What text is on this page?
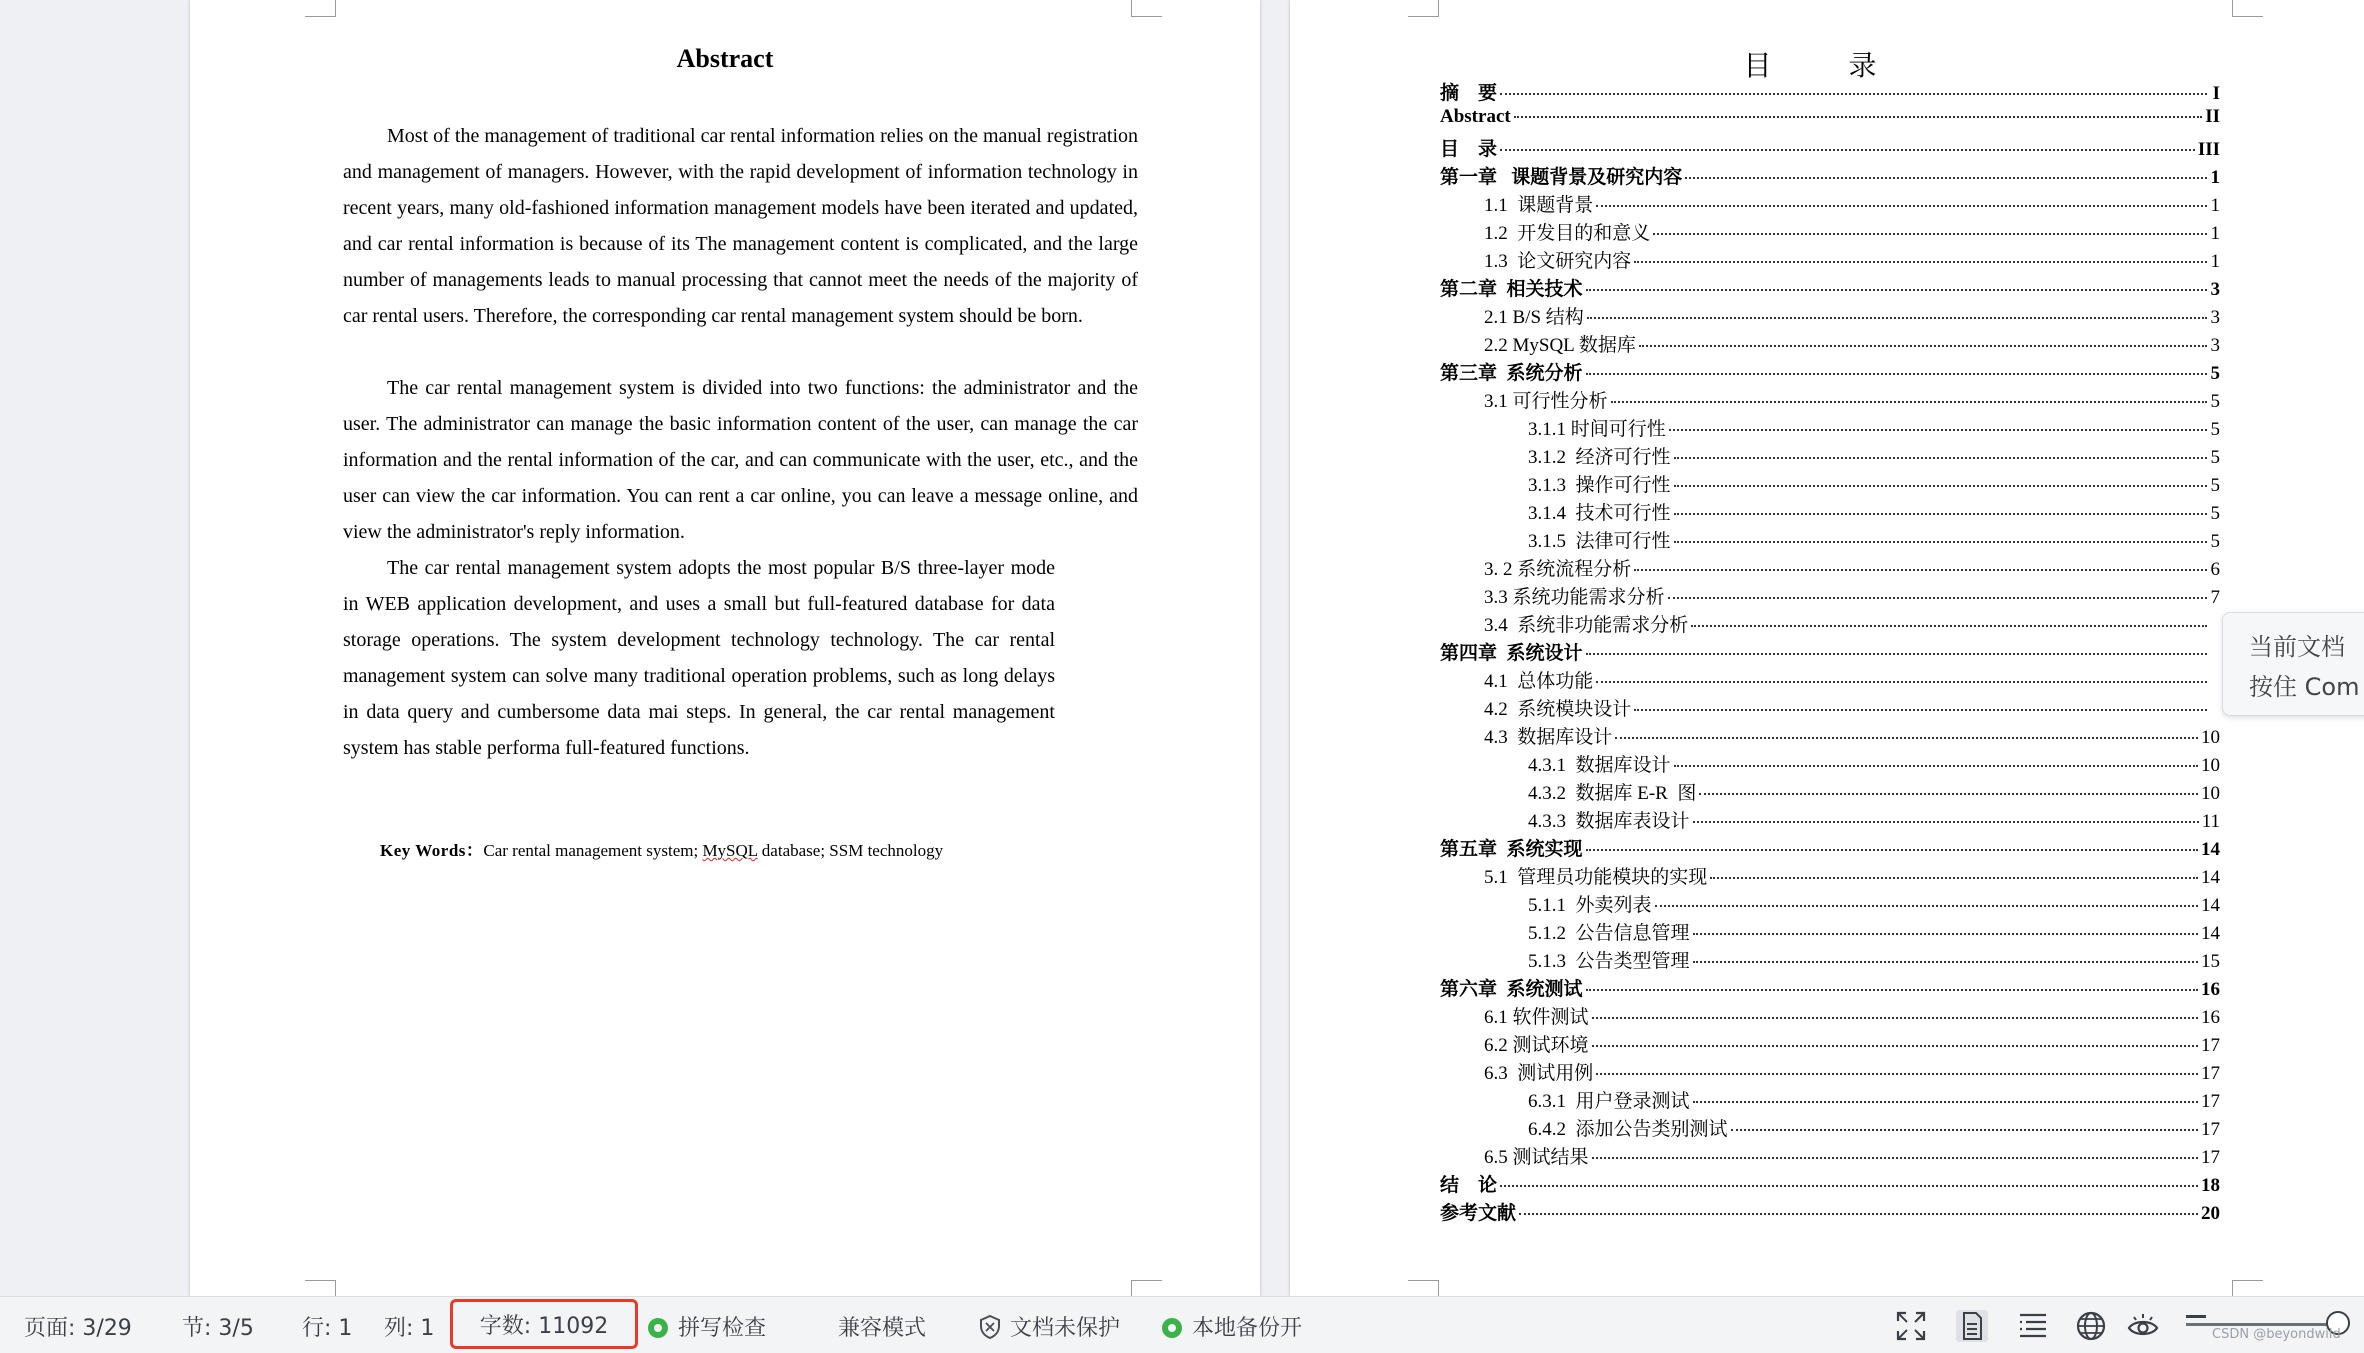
Abstract
Most of the management of traditional car rental information relies on the manual registration and management of managers. However, with the rapid development of information technology in recent years, many old-fashioned information management models have been iterated and updated, and car rental information is because of its The management content is complicated, and the large number of managements leads to manual processing that cannot meet the needs of the majority of car rental users. Therefore, the corresponding car rental management system should be born.
The car rental management system is divided into two functions: the administrator and the user. The administrator can manage the basic information content of the user, can manage the car information and the rental information of the car, and can communicate with the user, etc., and the user can view the car information. You can rent a car online, you can leave a message online, and view the administrator's reply information.
The car rental management system adopts the most popular B/S three-layer mode in WEB application development, and uses a small but full-featured database for data storage operations. The system development technology technology. The car rental management system can solve many traditional operation problems, such as long delays in data query and cumbersome data mai steps. In general, the car rental management system has stable performa full-featured functions.
Key Words：Car rental management system; MySQL database; SSM technology
目 录
摘    要	I
Abstract	II
目    录	III
第一章   课题背景及研究内容	1
1.1  课题背景	1
1.2  开发目的和意义	1
1.3  论文研究内容	1
第二章  相关技术	3
2.1 B/S 结构	3
2.2 MySQL 数据库	3
第三章  系统分析	5
3.1 可行性分析	5
3.1.1 时间可行性	5
3.1.2  经济可行性	5
3.1.3  操作可行性	5
3.1.4  技术可行性	5
3.1.5  法律可行性	5
3. 2 系统流程分析	6
3.3 系统功能需求分析	7
3.4  系统非功能需求分析
第四章  系统设计
4.1  总体功能
4.2  系统模块设计
4.3  数据库设计	10
4.3.1  数据库设计	10
4.3.2  数据库 E-R  图	10
4.3.3  数据库表设计	11
第五章  系统实现	14
5.1  管理员功能模块的实现	14
5.1.1  外卖列表	14
5.1.2  公告信息管理	14
5.1.3  公告类型管理	15
第六章  系统测试	16
6.1 软件测试	16
6.2 测试环境	17
6.3  测试用例	17
6.3.1  用户登录测试	17
6.4.2  添加公告类别测试	17
6.5 测试结果	17
结    论	18
参考文献	20
当前文档
按住 Com
页面: 3/29 节: 3/5 行: 1 列: 1 字数: 11092	拼写检查	兼容模式	文档未保护	本地备份开	CSDN @beyondwild
